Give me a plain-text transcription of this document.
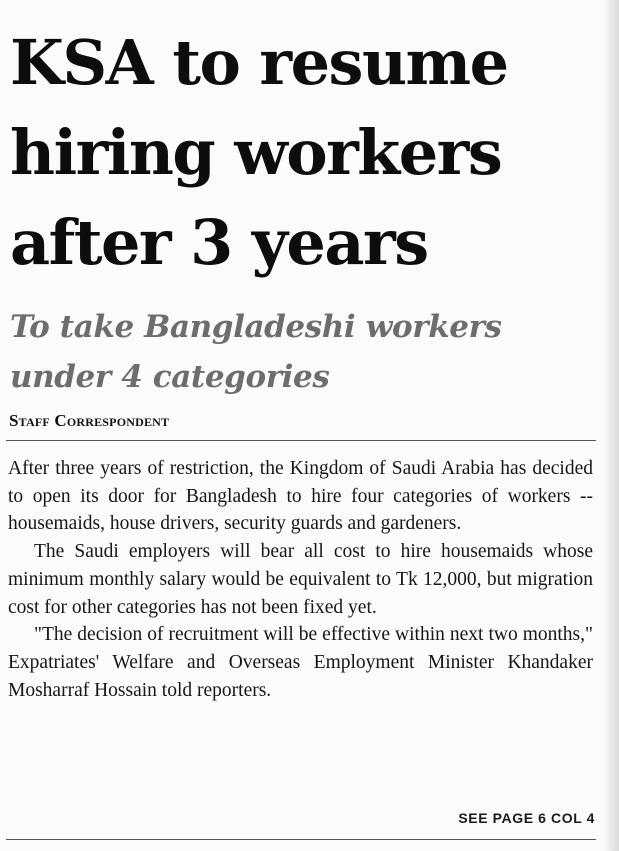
KSA to resume
hiring workers
after 3 years
To take Bangladeshi workers
under 4 categories
Staff Correspondent

After three years of restriction, the Kingdom of Saudi Arabia has decided to open its door for Bangladesh to hire four categories of workers -- housemaids, house drivers, security guards and gardeners.

The Saudi employers will bear all cost to hire housemaids whose minimum monthly salary would be equivalent to Tk 12,000, but migration cost for other categories has not been fixed yet.

"The decision of recruitment will be effective within next two months," Expatriates' Welfare and Overseas Employment Minister Khandaker Mosharraf Hossain told reporters.

SEE PAGE 6 COL 4
